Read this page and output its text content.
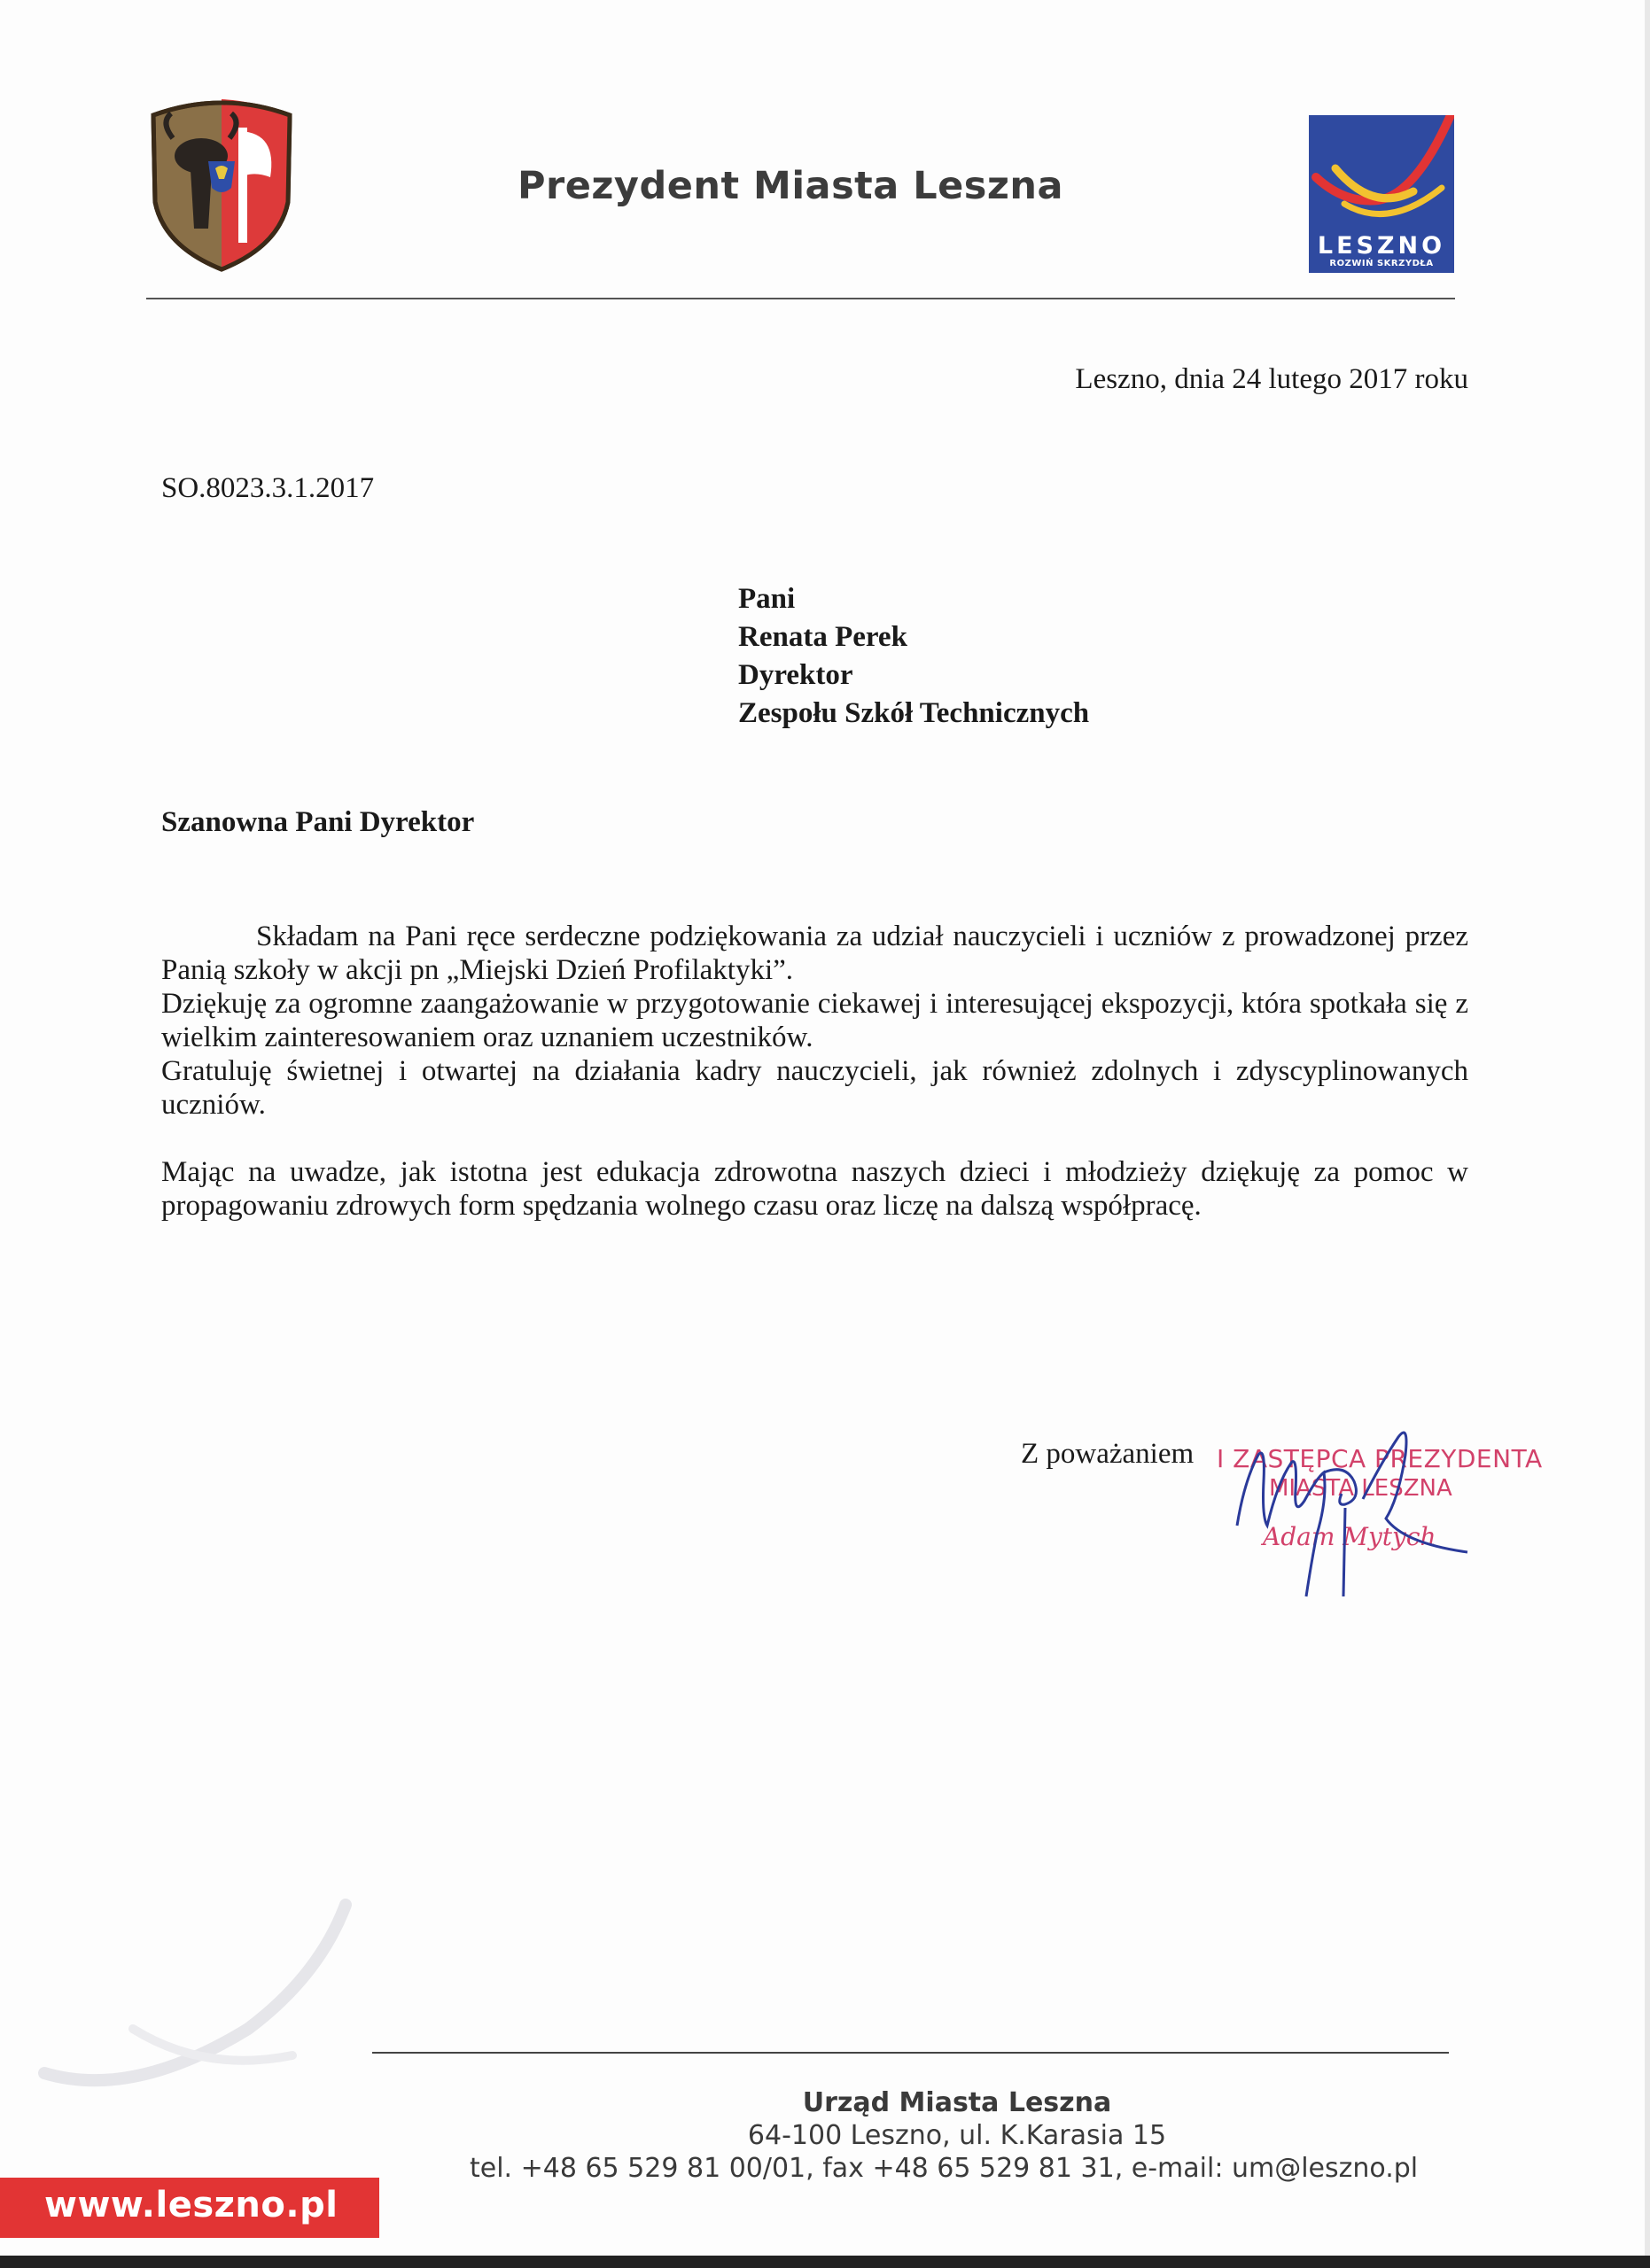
Prezydent Miasta Leszna
LESZNO
ROZWIŃ SKRZYDŁA
Leszno, dnia 24 lutego 2017 roku
SO.8023.3.1.2017
Pani
Renata Perek
Dyrektor
Zespołu Szkół Technicznych
Szanowna Pani Dyrektor

Składam na Pani ręce serdeczne podziękowania za udział nauczycieli i uczniów z prowadzonej przez Panią szkoły w akcji pn „Miejski Dzień Profilaktyki”.

Dziękuję za ogromne zaangażowanie w przygotowanie ciekawej i interesującej ekspozycji, która spotkała się z wielkim zainteresowaniem oraz uznaniem uczestników.

Gratuluję świetnej i otwartej na działania kadry nauczycieli, jak również zdolnych i zdyscyplinowanych uczniów.

Mając na uwadze, jak istotna jest edukacja zdrowotna naszych dzieci i młodzieży dziękuję za pomoc w propagowaniu zdrowych form spędzania wolnego czasu oraz liczę na dalszą współpracę.

Z poważaniem I ZASTĘPCA PREZYDENTA
MIASTA LESZNA
Adam Mytych
Urząd Miasta Leszna
64-100 Leszno, ul. K.Karasia 15
tel. +48 65 529 81 00/01, fax +48 65 529 81 31, e-mail: um@leszno.pl
www.leszno.pl
